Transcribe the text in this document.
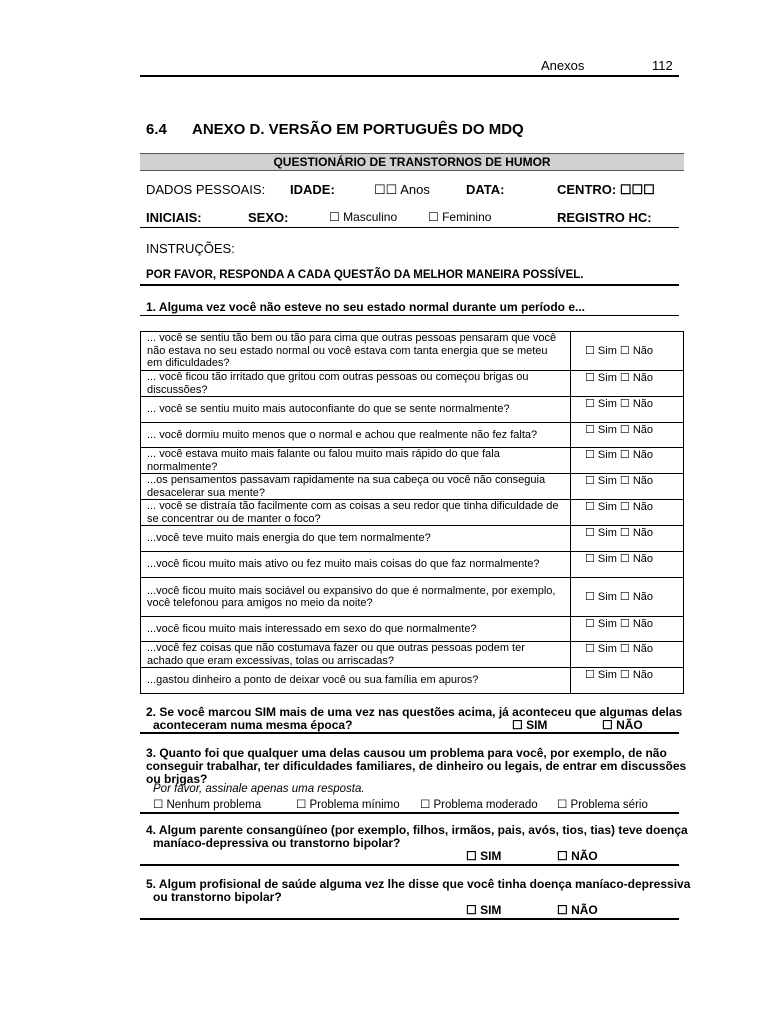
Anexos	112
6.4 ANEXO D. VERSÃO EM PORTUGUÊS DO MDQ
QUESTIONÁRIO DE TRANSTORNOS DE HUMOR
DADOS PESSOAIS: IDADE:	☐☐ Anos	DATA:	CENTRO: ☐☐☐
INICIAIS:	SEXO:	☐ Masculino	☐ Feminino	REGISTRO HC:
INSTRUÇÕES:
POR FAVOR, RESPONDA A CADA QUESTÃO DA MELHOR MANEIRA POSSÍVEL.
1. Alguma vez você não esteve no seu estado normal durante um período e...
... você se sentiu tão bem ou tão para cima que outras pessoas pensaram que você não estava no seu estado normal ou você estava com tanta energia que se meteu em dificuldades?	☐ Sim ☐ Não
... você ficou tão irritado que gritou com outras pessoas ou começou brigas ou discussões?	☐ Sim ☐ Não
... você se sentiu muito mais autoconfiante do que se sente normalmente?	☐ Sim ☐ Não
... você dormiu muito menos que o normal e achou que realmente não fez falta?	☐ Sim ☐ Não
... você estava muito mais falante ou falou muito mais rápido do que fala normalmente?	☐ Sim ☐ Não
...os pensamentos passavam rapidamente na sua cabeça ou você não conseguia desacelerar sua mente?	☐ Sim ☐ Não
... você se distraía tão facilmente com as coisas a seu redor que tinha dificuldade de se concentrar ou de manter o foco?	☐ Sim ☐ Não
...você teve muito mais energia do que tem normalmente?	☐ Sim ☐ Não
...você ficou muito mais ativo ou fez muito mais coisas do que faz normalmente?	☐ Sim ☐ Não
...você ficou muito mais sociável ou expansivo do que é normalmente, por exemplo, você telefonou para amigos no meio da noite?	☐ Sim ☐ Não
...você ficou muito mais interessado em sexo do que normalmente?	☐ Sim ☐ Não
...você fez coisas que não costumava fazer ou que outras pessoas podem ter achado que eram excessivas, tolas ou arriscadas?	☐ Sim ☐ Não
...gastou dinheiro a ponto de deixar você ou sua família em apuros?	☐ Sim ☐ Não
2. Se você marcou SIM mais de uma vez nas questões acima, já aconteceu que algumas delas
aconteceram numa mesma época?	☐ SIM	☐ NÃO
3. Quanto foi que qualquer uma delas causou um problema para você, por exemplo, de não
conseguir trabalhar, ter dificuldades familiares, de dinheiro ou legais, de entrar em discussões
ou brigas?
Por favor, assinale apenas uma resposta.
☐ Nenhum problema	☐ Problema mínimo ☐ Problema moderado ☐ Problema sério
4. Algum parente consangüíneo (por exemplo, filhos, irmãos, pais, avós, tios, tias) teve doença
maníaco-depressiva ou transtorno bipolar?
☐ SIM	☐ NÃO
5. Algum profisional de saúde alguma vez lhe disse que você tinha doença maníaco-depressiva
ou transtorno bipolar?
☐ SIM	☐ NÃO
